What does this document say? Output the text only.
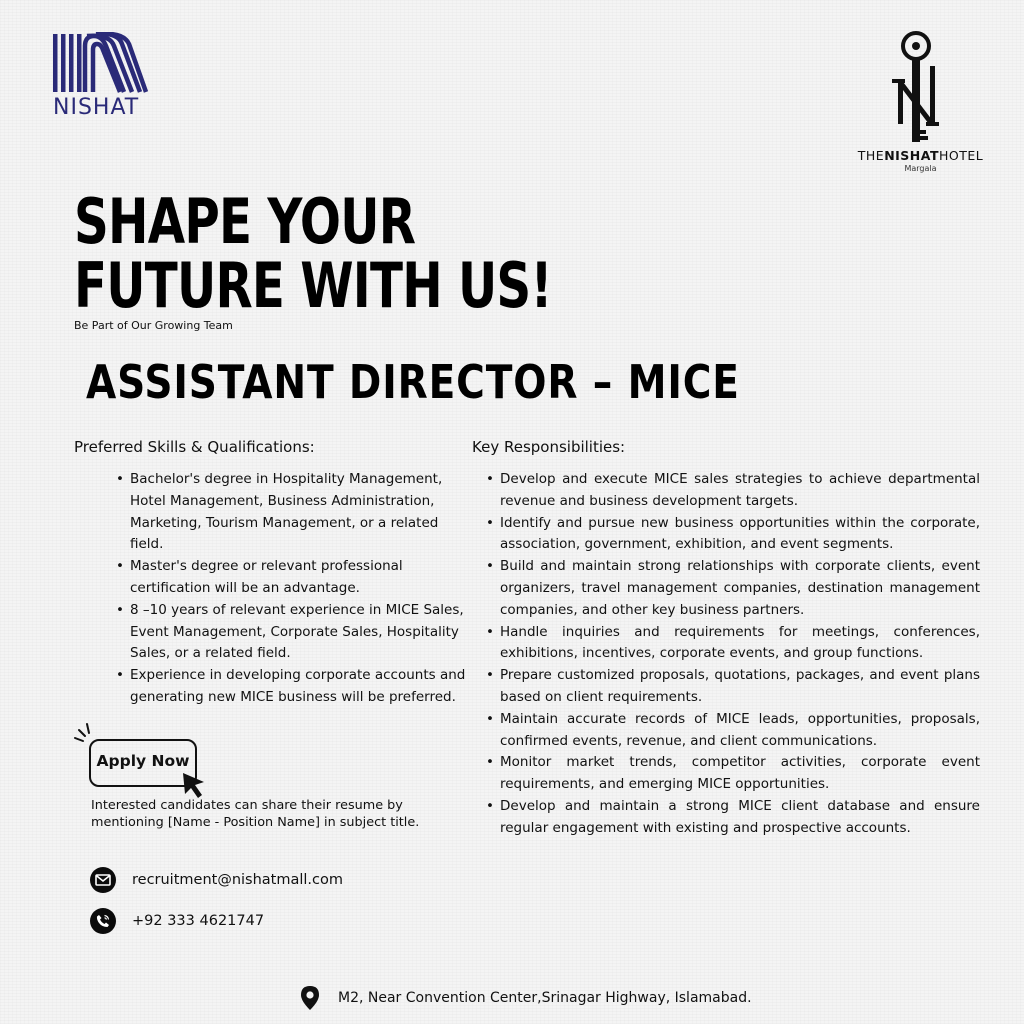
NISHAT
THENISHATHOTEL
Margala
SHAPE YOUR
FUTURE WITH US!
Be Part of Our Growing Team
ASSISTANT DIRECTOR – MICE
Preferred Skills & Qualifications:
• Bachelor's degree in Hospitality Management, Hotel Management, Business Administration, Marketing, Tourism Management, or a related field.
• Master's degree or relevant professional certification will be an advantage.
• 8 –10 years of relevant experience in MICE Sales, Event Management, Corporate Sales, Hospitality Sales, or a related field.
• Experience in developing corporate accounts and generating new MICE business will be preferred.
Key Responsibilities:
• Develop and execute MICE sales strategies to achieve departmental revenue and business development targets.
• Identify and pursue new business opportunities within the corporate, association, government, exhibition, and event segments.
• Build and maintain strong relationships with corporate clients, event organizers, travel management companies, destination management companies, and other key business partners.
• Handle inquiries and requirements for meetings, conferences, exhibitions, incentives, corporate events, and group functions.
• Prepare customized proposals, quotations, packages, and event plans based on client requirements.
• Maintain accurate records of MICE leads, opportunities, proposals, confirmed events, revenue, and client communications.
• Monitor market trends, competitor activities, corporate event requirements, and emerging MICE opportunities.
• Develop and maintain a strong MICE client database and ensure regular engagement with existing and prospective accounts.
Apply Now
Interested candidates can share their resume by mentioning [Name - Position Name] in subject title.
recruitment@nishatmall.com
+92 333 4621747
M2, Near Convention Center,Srinagar Highway, Islamabad.
